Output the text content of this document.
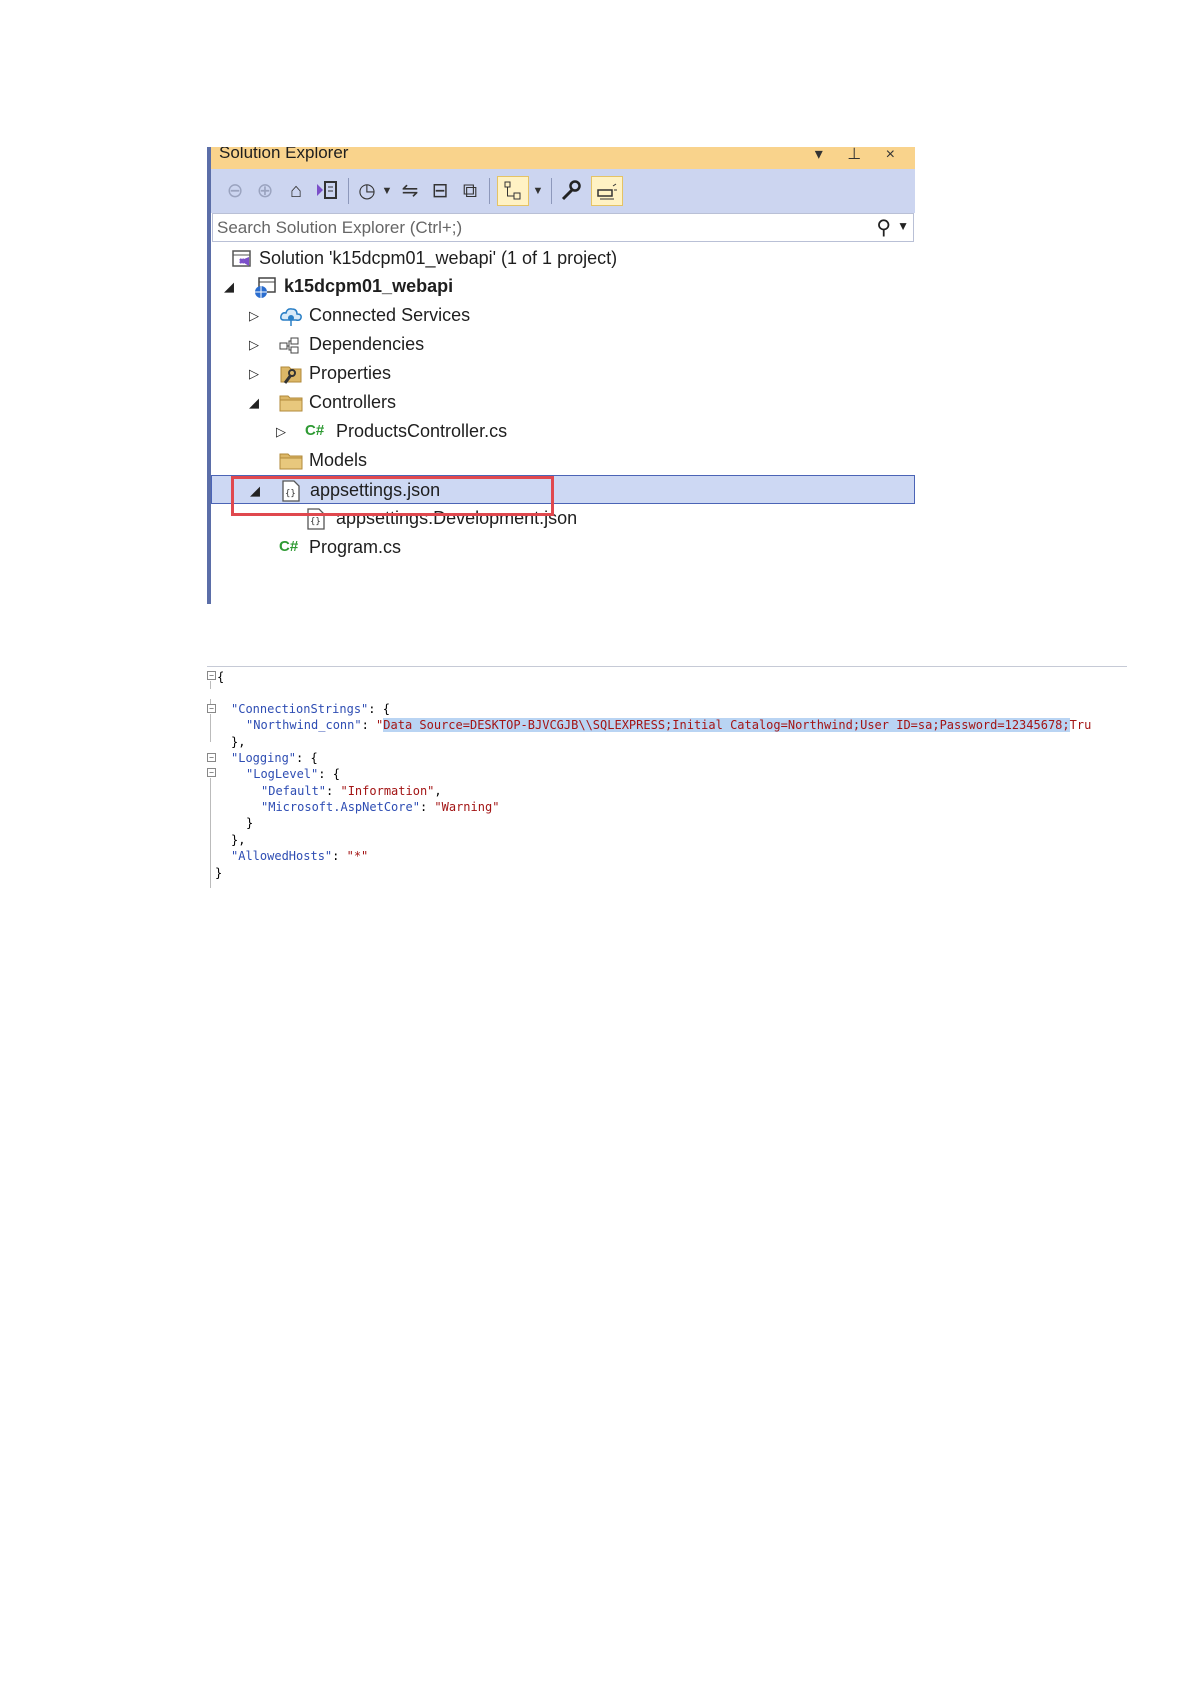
Solution Explorer	▾ ⊥ ×
⊖ ⊕ ⌂	◷ ▼ ⇋ ⊟ ⧉	▼
Search Solution Explorer (Ctrl+;)
⚲ ▼
Solution 'k15dcpm01_webapi' (1 of 1 project)
◢	k15dcpm01_webapi
▷	Connected Services
▷	Dependencies
▷	Properties
◢	Controllers
▷ C# ProductsController.cs
Models
◢	{} appsettings.json
{} appsettings.Development.json
C# Program.cs
−
−
−
−
{
"ConnectionStrings": {
"Northwind_conn": "Data Source=DESKTOP-BJVCGJB\\SQLEXPRESS;Initial Catalog=Northwind;User ID=sa;Password=12345678;Tru
},
"Logging": {
"LogLevel": {
"Default": "Information",
"Microsoft.AspNetCore": "Warning"
}
},
"AllowedHosts": "*"
}
